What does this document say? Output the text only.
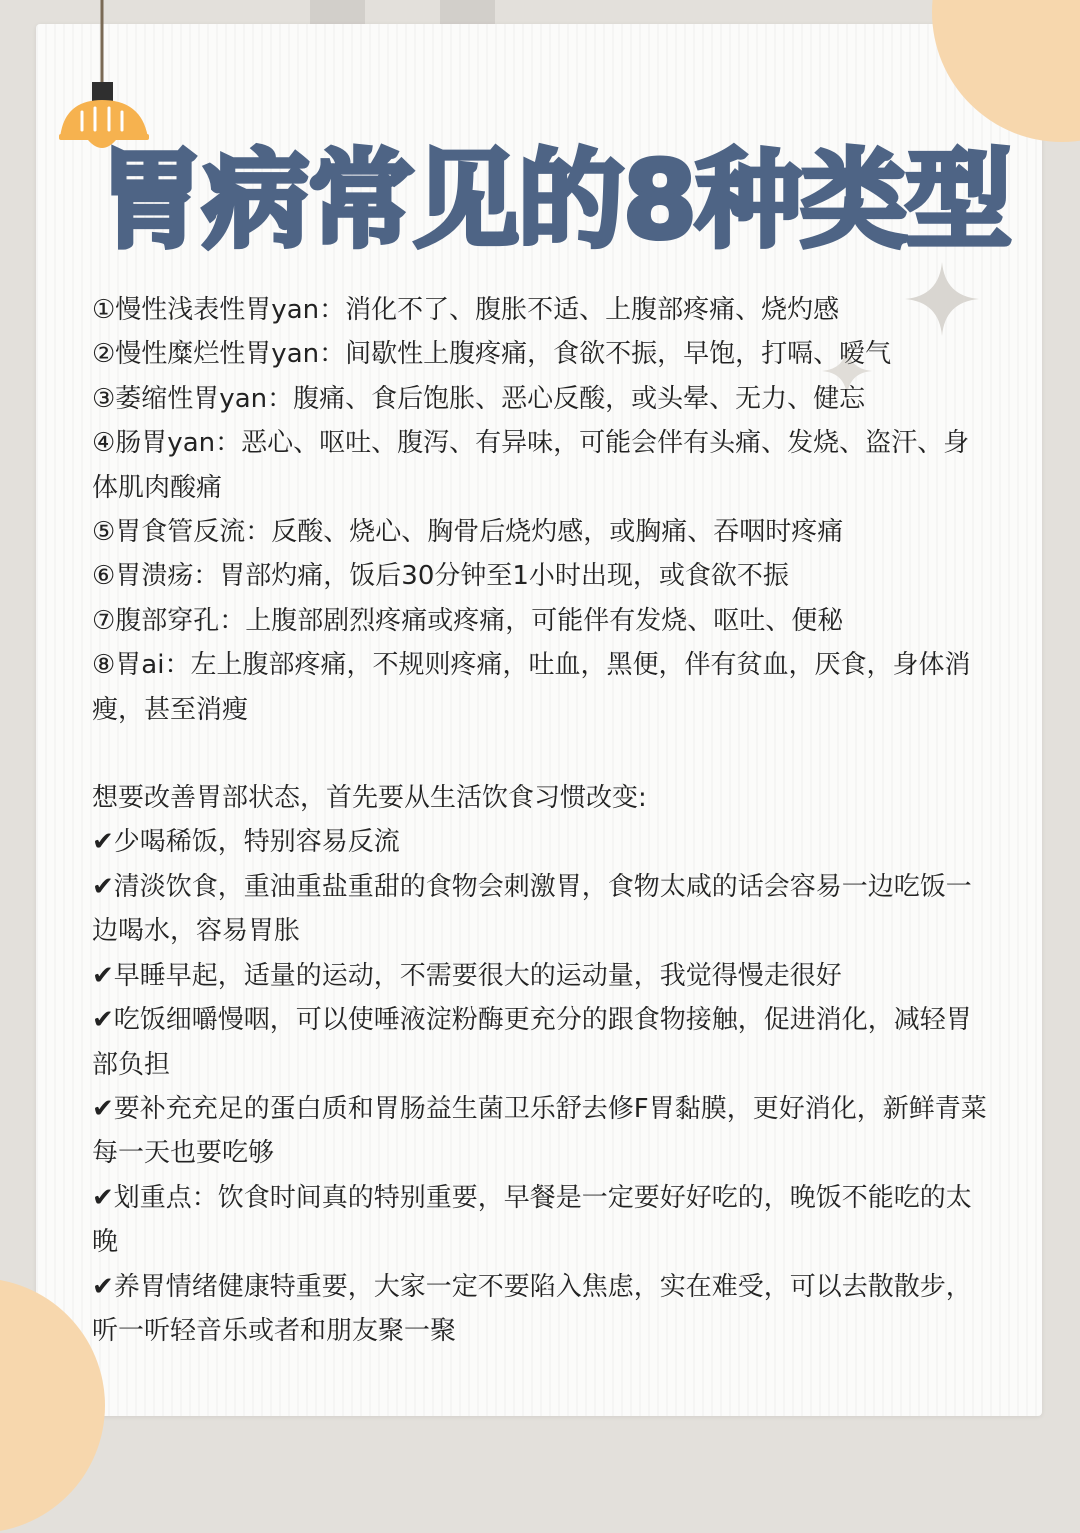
胃病常见的8种类型

①慢性浅表性胃yan：消化不了、腹胀不适、上腹部疼痛、烧灼感

②慢性糜烂性胃yan：间歇性上腹疼痛，食欲不振，早饱，打嗝、嗳气

③萎缩性胃yan：腹痛、食后饱胀、恶心反酸，或头晕、无力、健忘

④肠胃yan：恶心、呕吐、腹泻、有异味，可能会伴有头痛、发烧、盗汗、身体肌肉酸痛

⑤胃食管反流：反酸、烧心、胸骨后烧灼感，或胸痛、吞咽时疼痛

⑥胃溃疡：胃部灼痛，饭后30分钟至1小时出现，或食欲不振

⑦腹部穿孔：上腹部剧烈疼痛或疼痛，可能伴有发烧、呕吐、便秘

⑧胃ai：左上腹部疼痛，不规则疼痛，吐血，黑便，伴有贫血，厌食，身体消瘦，甚至消瘦

想要改善胃部状态，首先要从生活饮食习惯改变:

✔少喝稀饭，特别容易反流

✔清淡饮食，重油重盐重甜的食物会刺激胃，食物太咸的话会容易一边吃饭一边喝水，容易胃胀

✔早睡早起，适量的运动，不需要很大的运动量，我觉得慢走很好

✔吃饭细嚼慢咽，可以使唾液淀粉酶更充分的跟食物接触，促进消化，减轻胃部负担

✔要补充充足的蛋白质和胃肠益生菌卫乐舒去修F胃黏膜，更好消化，新鲜青菜每一天也要吃够

✔划重点：饮食时间真的特别重要，早餐是一定要好好吃的，晚饭不能吃的太晚

✔养胃情绪健康特重要，大家一定不要陷入焦虑，实在难受，可以去散散步，听一听轻音乐或者和朋友聚一聚
